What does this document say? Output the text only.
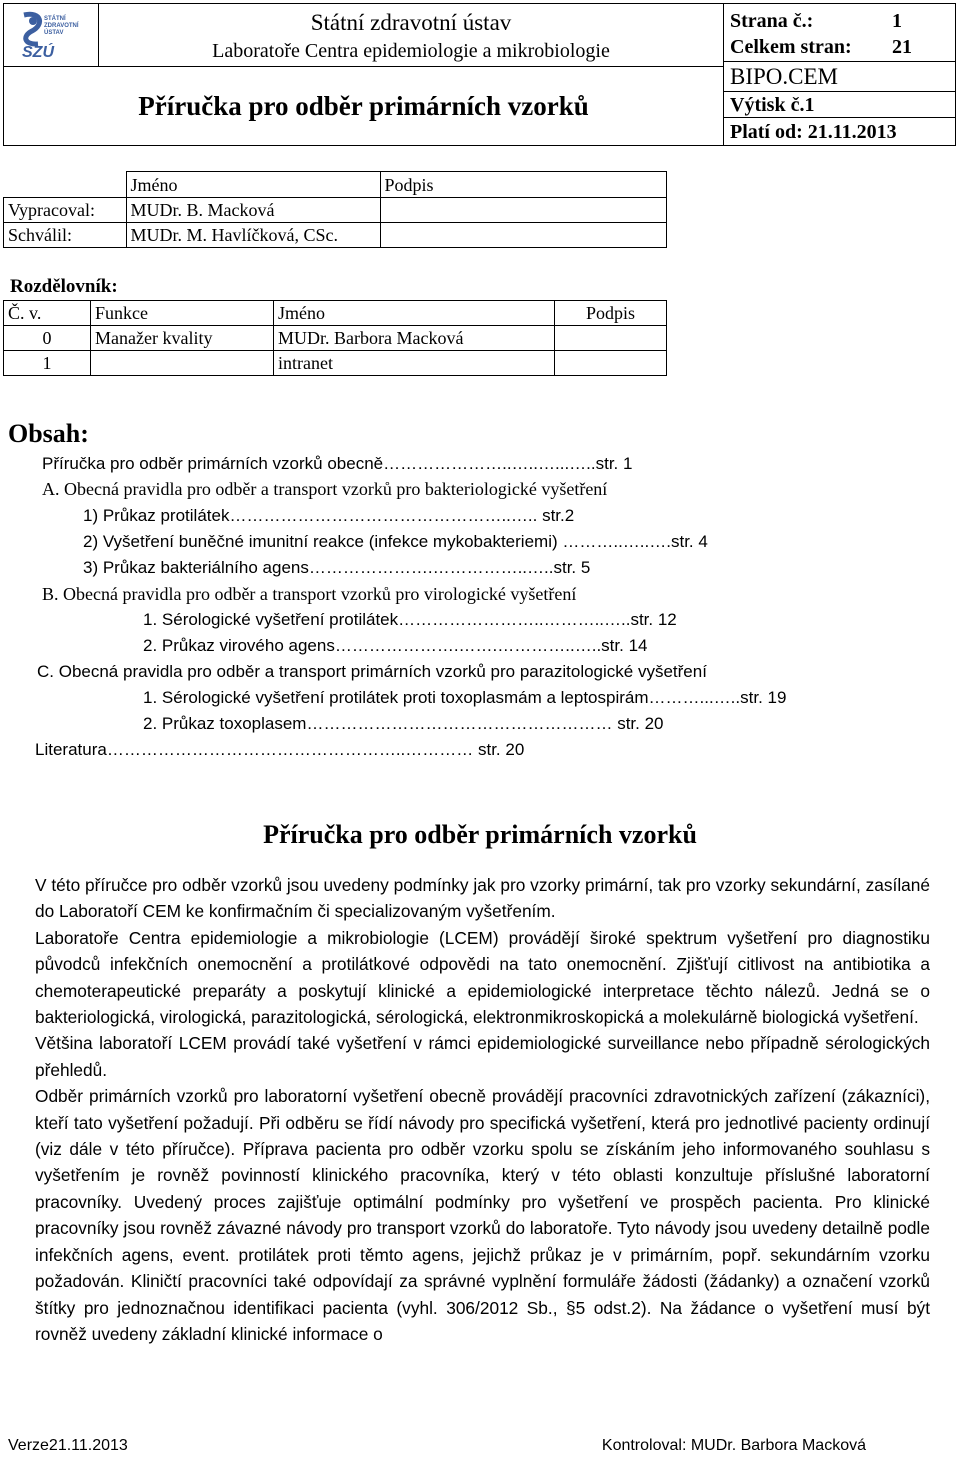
STÁTNÍ
ZDRAVOTNÍ
ÚSTAV
SZÚ
Státní zdravotní ústav
Laboratoře Centra epidemiologie a mikrobiologie
Příručka pro odběr primárních vzorků
Strana č.:	1
Celkem stran: 21
BIPO.CEM
Výtisk č.1
Platí od: 21.11.2013
	Jméno	Podpis
Vypracoval:	MUDr. B. Macková	
Schválil:	MUDr. M. Havlíčková, CSc.	
Rozdělovník:
Č. v.	Funkce	Jméno	Podpis
0	Manažer kvality	MUDr. Barbora Macková	
1		intranet	
Obsah:
Příručka pro odběr primárních vzorků obecně…………………..…..…...…..str. 1
A. Obecná pravidla pro odběr a transport vzorků pro bakteriologické vyšetření
1) Průkaz protilátek…………………………………………..….. str.2
2) Vyšetření buněčné imunitní reakce (infekce mykobakteriemi) ………..…..….str. 4
3) Průkaz bakteriálního agens………………….……………..…..str. 5
B. Obecná pravidla pro odběr a transport vzorků pro virologické vyšetření
1. Sérologické vyšetření protilátek……………………..………..…..str. 12
2. Průkaz virového agens………………….…….…………..…..str. 14
C. Obecná pravidla pro odběr a transport primárních vzorků pro parazitologické vyšetření
1. Sérologické vyšetření protilátek proti toxoplasmám a leptospirám………...…..str. 19
2. Průkaz toxoplasem……………………………………………… str. 20
Literatura……………………………………………..………… str. 20
Příručka pro odběr primárních vzorků

V této příručce pro odběr vzorků jsou uvedeny podmínky jak pro vzorky primární, tak pro vzorky sekundární, zasílané do Laboratoří CEM ke konfirmačním či specializovaným vyšetřením.

Laboratoře Centra epidemiologie a mikrobiologie (LCEM) provádějí široké spektrum vyšetření pro diagnostiku původců infekčních onemocnění a protilátkové odpovědi na tato onemocnění. Zjišťují citlivost na antibiotika a chemoterapeutické preparáty a poskytují klinické a epidemiologické interpretace těchto nálezů. Jedná se o bakteriologická, virologická, parazitologická, sérologická, elektronmikroskopická a molekulárně biologická vyšetření.

Většina laboratoří LCEM provádí také vyšetření v rámci epidemiologické surveillance nebo případně sérologických přehledů.

Odběr primárních vzorků pro laboratorní vyšetření obecně provádějí pracovníci zdravotnických zařízení (zákazníci), kteří tato vyšetření požadují. Při odběru se řídí návody pro specifická vyšetření, která pro jednotlivé pacienty ordinují (viz dále v této příručce). Příprava pacienta pro odběr vzorku spolu se získáním jeho informovaného souhlasu s vyšetřením je rovněž povinností klinického pracovníka, který v této oblasti konzultuje příslušné laboratorní pracovníky. Uvedený proces zajišťuje optimální podmínky pro vyšetření ve prospěch pacienta. Pro klinické pracovníky jsou rovněž závazné návody pro transport vzorků do laboratoře. Tyto návody jsou uvedeny detailně podle infekčních agens, event. protilátek proti těmto agens, jejichž průkaz je v primárním, popř. sekundárním vzorku požadován. Kliničtí pracovníci také odpovídají za správné vyplnění formuláře žádosti (žádanky) a označení vzorků štítky pro jednoznačnou identifikaci pacienta (vyhl. 306/2012 Sb., §5 odst.2). Na žádance o vyšetření musí být rovněž uvedeny základní klinické informace o

Verze21.11.2013	Kontroloval: MUDr. Barbora Macková
